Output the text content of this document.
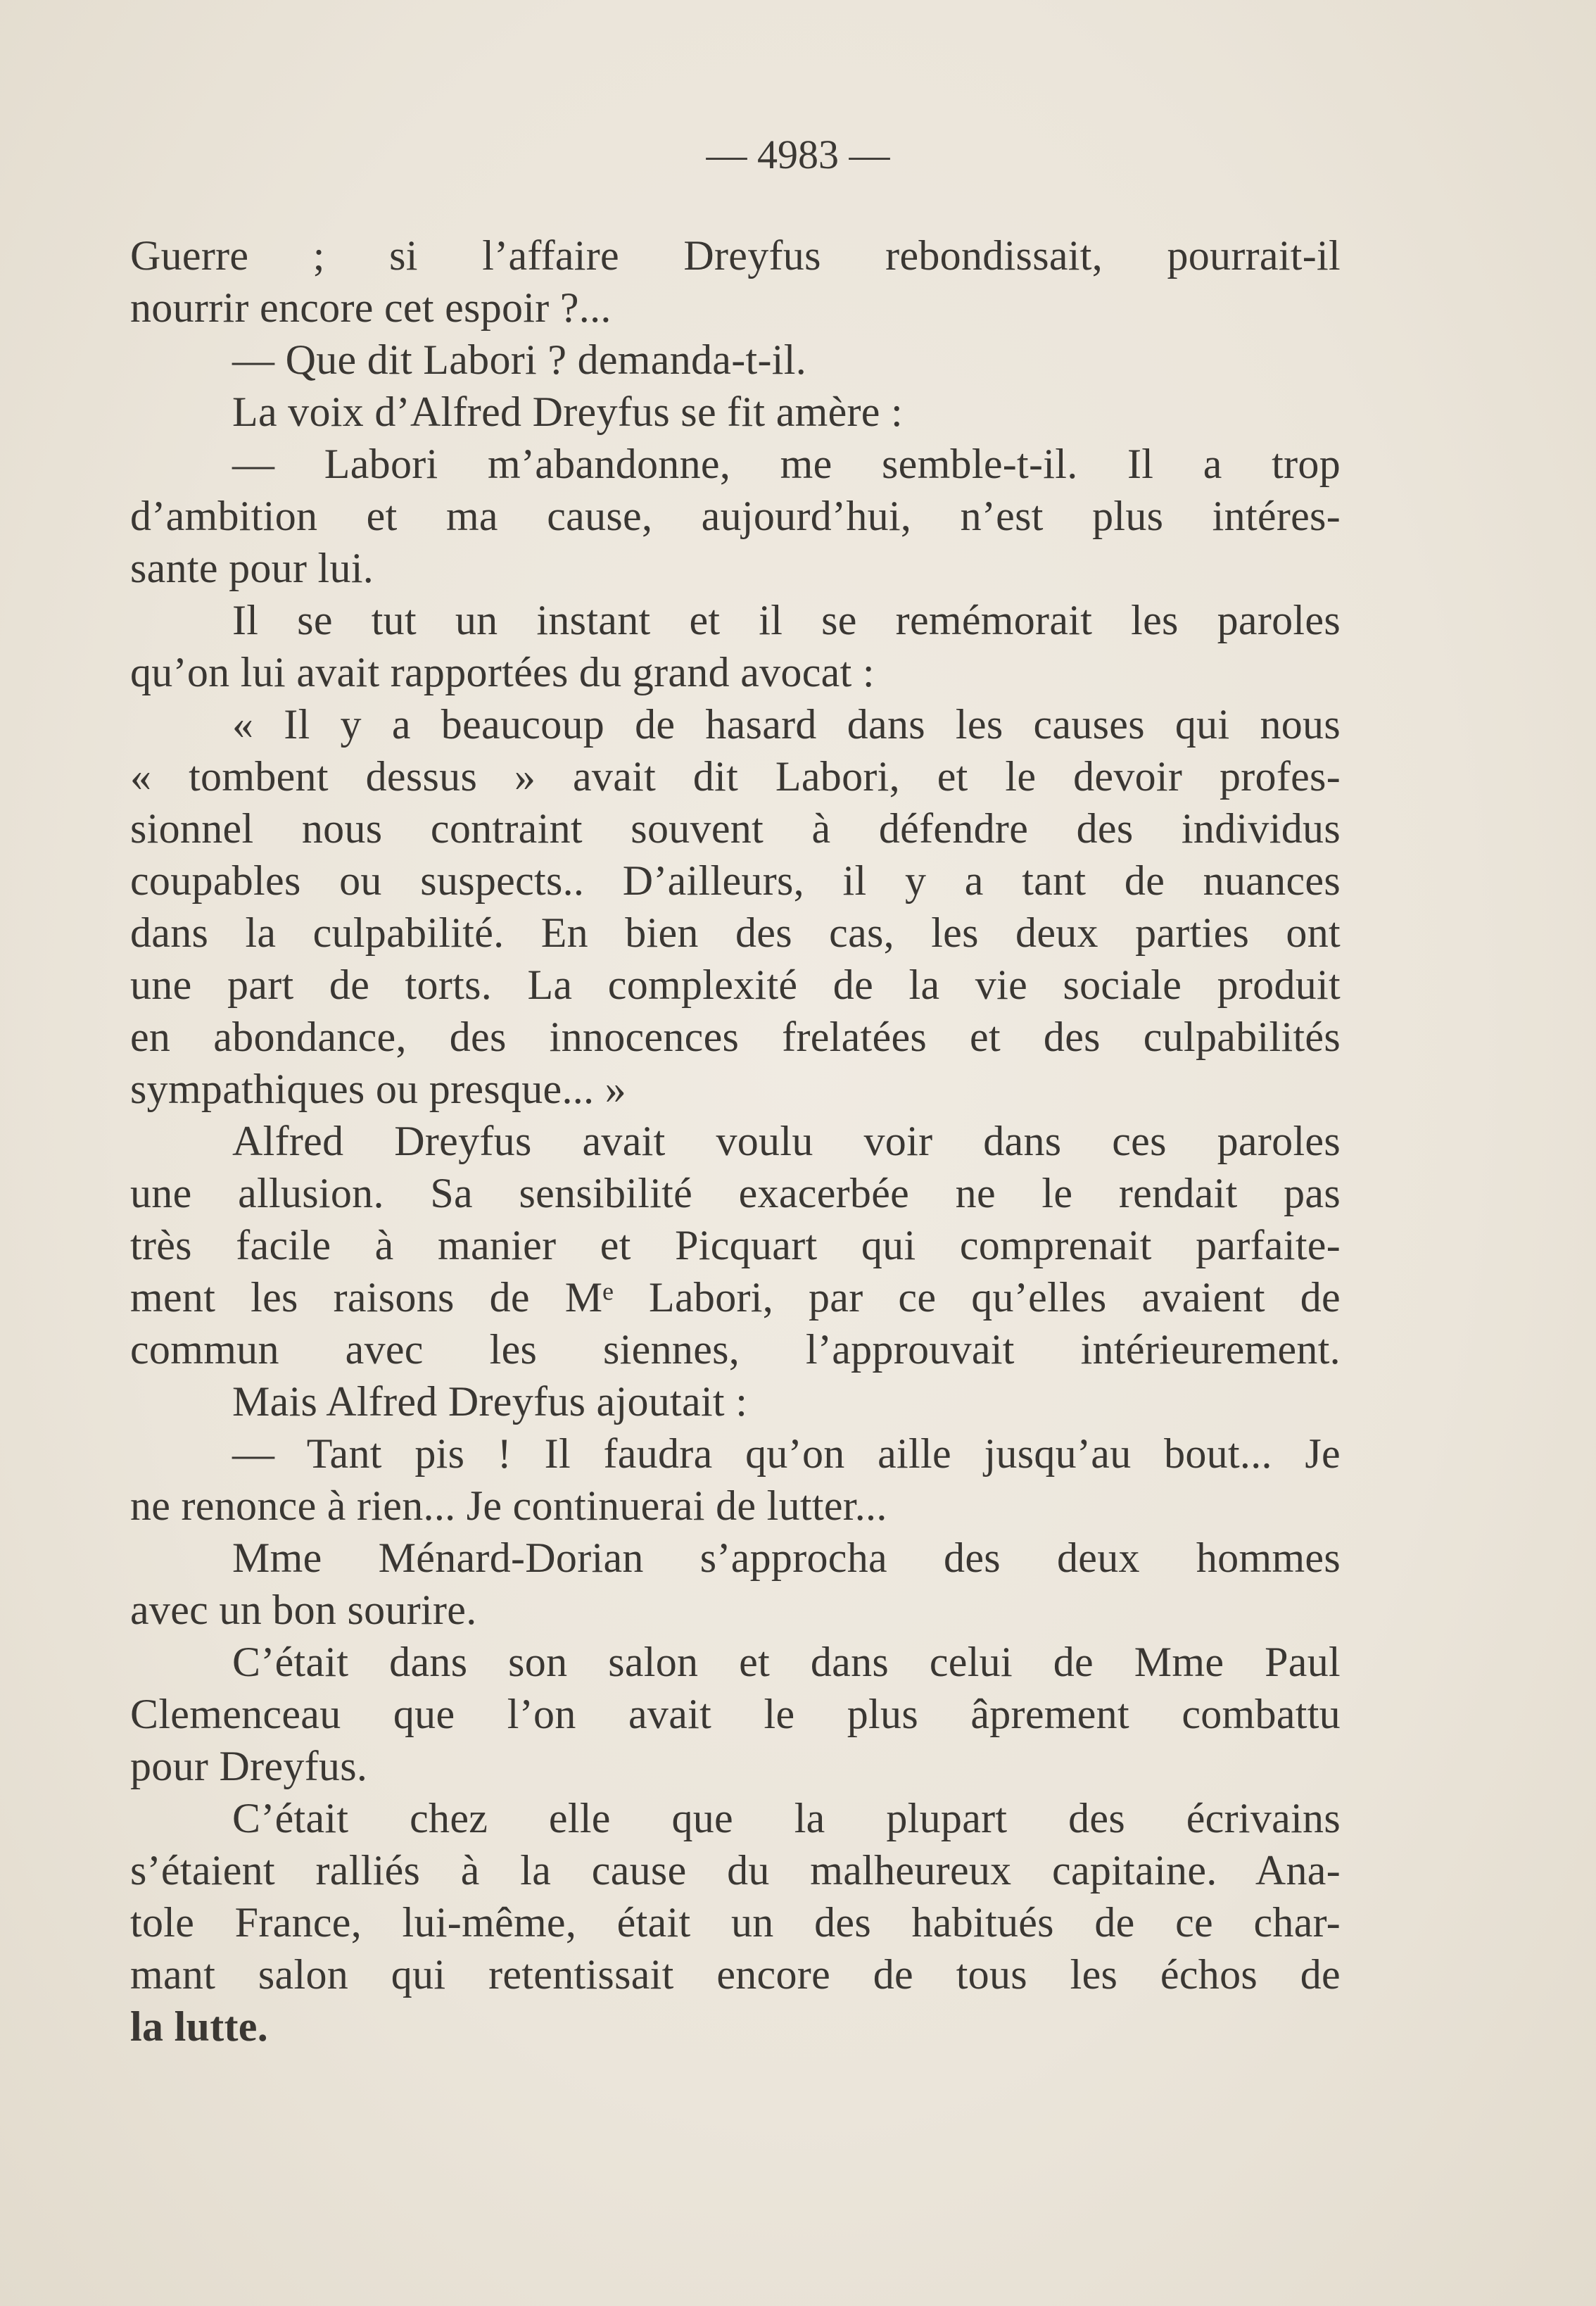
— 4983 —
Guerre ; si l’affaire Dreyfus rebondissait, pourrait-il
nourrir encore cet espoir ?...
— Que dit Labori ? demanda-t-il.
La voix d’Alfred Dreyfus se fit amère :
— Labori m’abandonne, me semble-t-il. Il a trop
d’ambition et ma cause, aujourd’hui, n’est plus intéres-
sante pour lui.
Il se tut un instant et il se remémorait les paroles
qu’on lui avait rapportées du grand avocat :
« Il y a beaucoup de hasard dans les causes qui nous
« tombent dessus » avait dit Labori, et le devoir profes-
sionnel nous contraint souvent à défendre des individus
coupables ou suspects.. D’ailleurs, il y a tant de nuances
dans la culpabilité. En bien des cas, les deux parties ont
une part de torts. La complexité de la vie sociale produit
en abondance, des innocences frelatées et des culpabilités
sympathiques ou presque... »
Alfred Dreyfus avait voulu voir dans ces paroles
une allusion. Sa sensibilité exacerbée ne le rendait pas
très facile à manier et Picquart qui comprenait parfaite-
ment les raisons de Mᵉ Labori, par ce qu’elles avaient de
commun avec les siennes, l’approuvait intérieurement.
Mais Alfred Dreyfus ajoutait :
— Tant pis ! Il faudra qu’on aille jusqu’au bout... Je
ne renonce à rien... Je continuerai de lutter...
Mme Ménard-Dorian s’approcha des deux hommes
avec un bon sourire.
C’était dans son salon et dans celui de Mme Paul
Clemenceau que l’on avait le plus âprement combattu
pour Dreyfus.
C’était chez elle que la plupart des écrivains
s’étaient ralliés à la cause du malheureux capitaine. Ana-
tole France, lui-même, était un des habitués de ce char-
mant salon qui retentissait encore de tous les échos de
la lutte.
